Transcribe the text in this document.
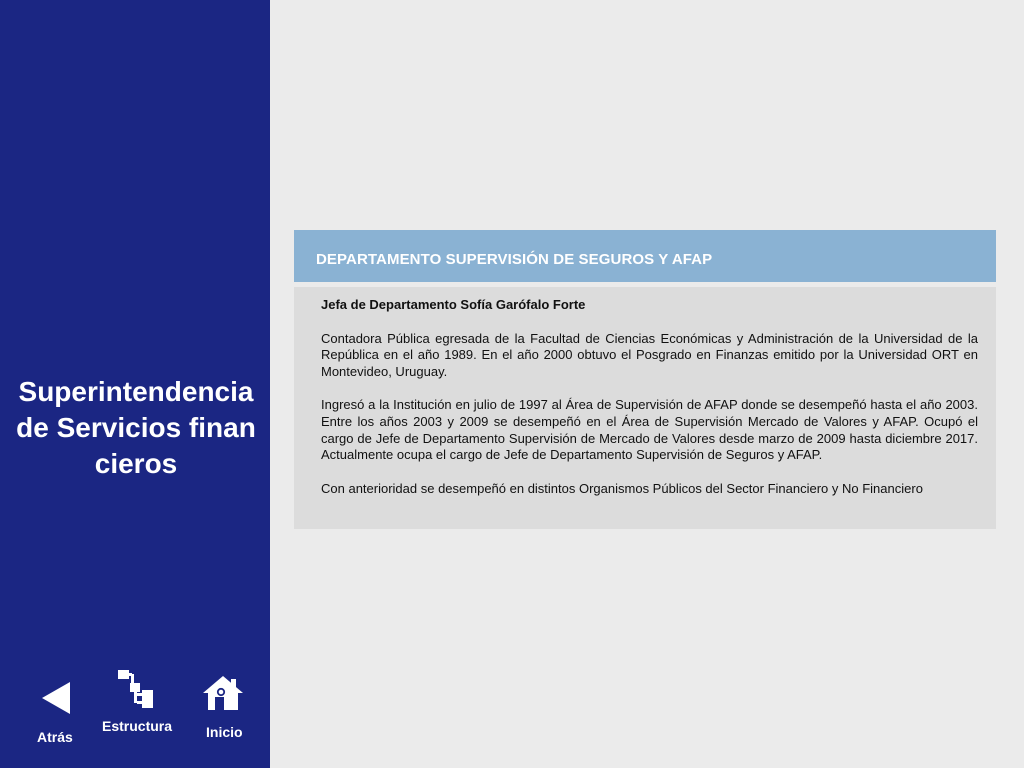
Superintendencia de Servicios financieros
Atrás
Estructura Inicio
DEPARTAMENTO SUPERVISIÓN DE SEGUROS Y AFAP

Jefa de Departamento Sofía Garófalo Forte

Contadora Pública egresada de la Facultad de Ciencias Económicas y Administración de la Universidad de la República en el año 1989. En el año 2000 obtuvo el Posgrado en Finanzas emitido por la Universidad ORT en Montevideo, Uruguay.

Ingresó a la Institución en julio de 1997 al Área de Supervisión de AFAP donde se desempeñó hasta el año 2003. Entre los años 2003 y 2009 se desempeñó en el Área de Supervisión Mercado de Valores y AFAP. Ocupó el cargo de Jefe de Departamento Supervisión de Mercado de Valores desde marzo de 2009 hasta diciembre 2017. Actualmente ocupa el cargo de Jefe de Departamento Supervisión de Seguros y AFAP.

Con anterioridad se desempeñó en distintos Organismos Públicos del Sector Financiero y No Financiero
